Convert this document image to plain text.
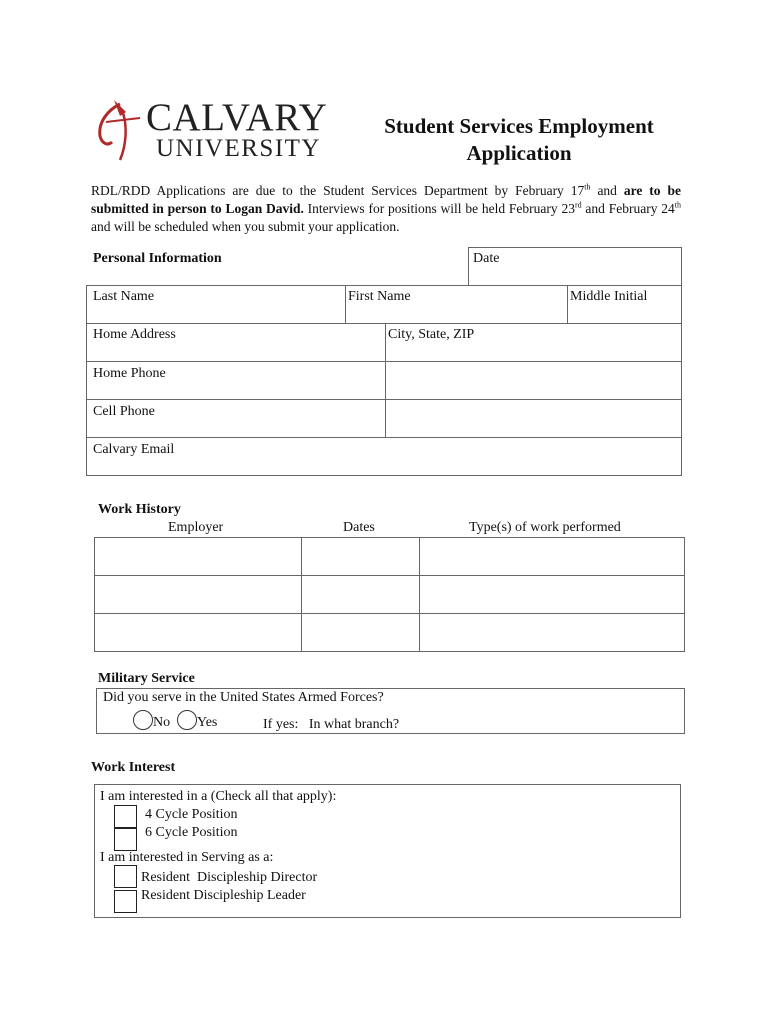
CALVARY
UNIVERSITY
Student Services Employment
Application
RDL/RDD Applications are due to the Student Services Department by February 17th and are to be submitted in person to Logan David. Interviews for positions will be held February 23rd and February 24th and will be scheduled when you submit your application.
Personal Information	Date
Last Name	First Name	Middle Initial
Home Address	City, State, ZIP
Home Phone
Cell Phone
Calvary Email
Work History
Employer	Dates	Type(s) of work performed
Military Service
Did you serve in the United States Armed Forces?
No	Yes	If yes:   In what branch?
Work Interest
I am interested in a (Check all that apply):
4 Cycle Position
6 Cycle Position
I am interested in Serving as a:
Resident  Discipleship Director
Resident Discipleship Leader
